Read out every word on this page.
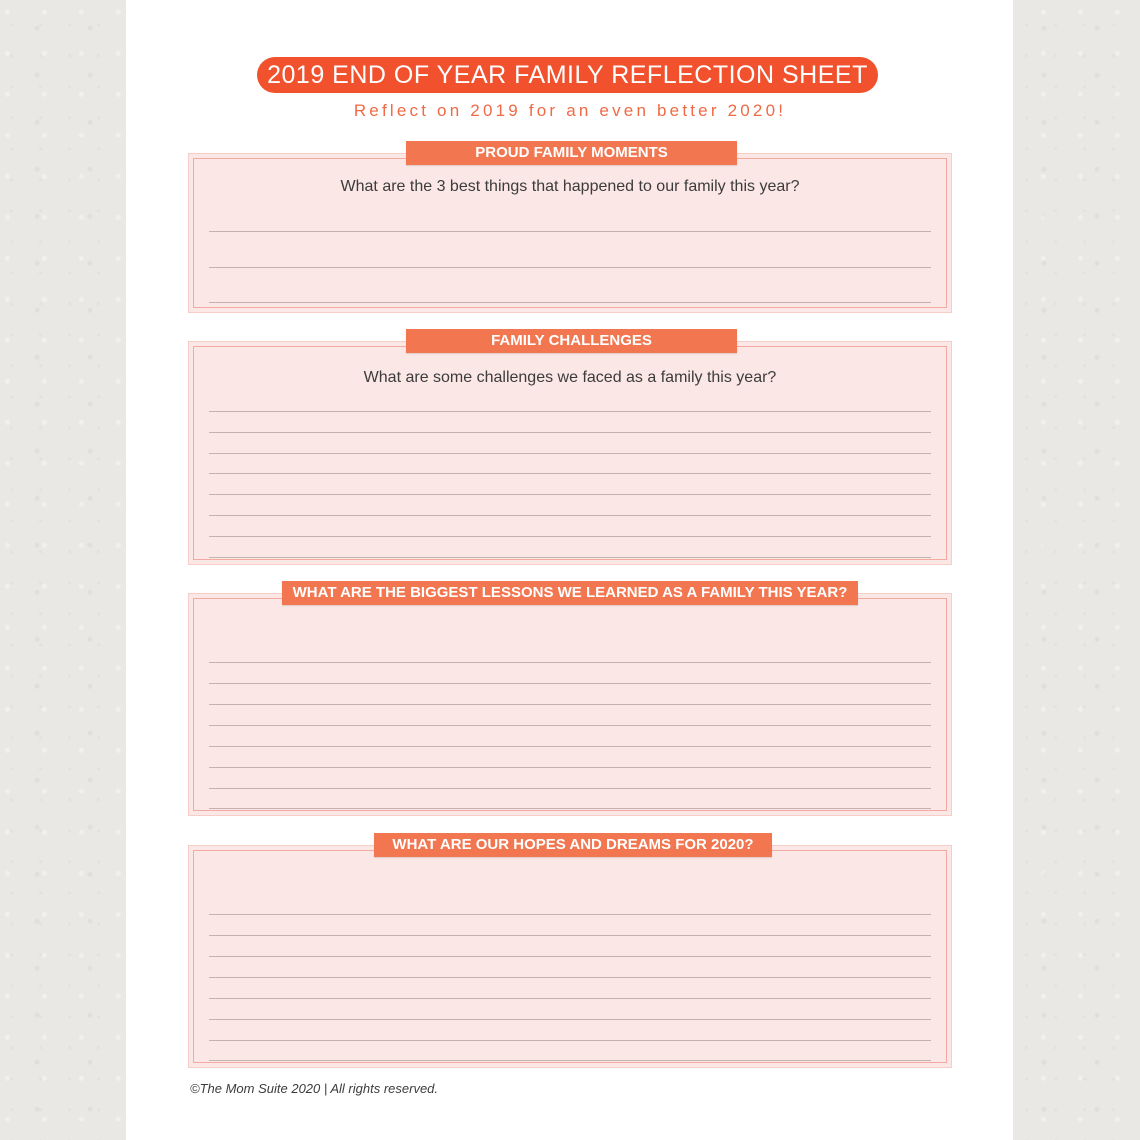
2019 END OF YEAR FAMILY REFLECTION SHEET
Reflect on 2019 for an even better 2020!
PROUD FAMILY MOMENTS
What are the 3 best things that happened to our family this year?
FAMILY CHALLENGES
What are some challenges we faced as a family this year?
WHAT ARE THE BIGGEST LESSONS WE LEARNED AS A FAMILY THIS YEAR?
WHAT ARE OUR HOPES AND DREAMS FOR 2020?
©The Mom Suite 2020 | All rights reserved.
